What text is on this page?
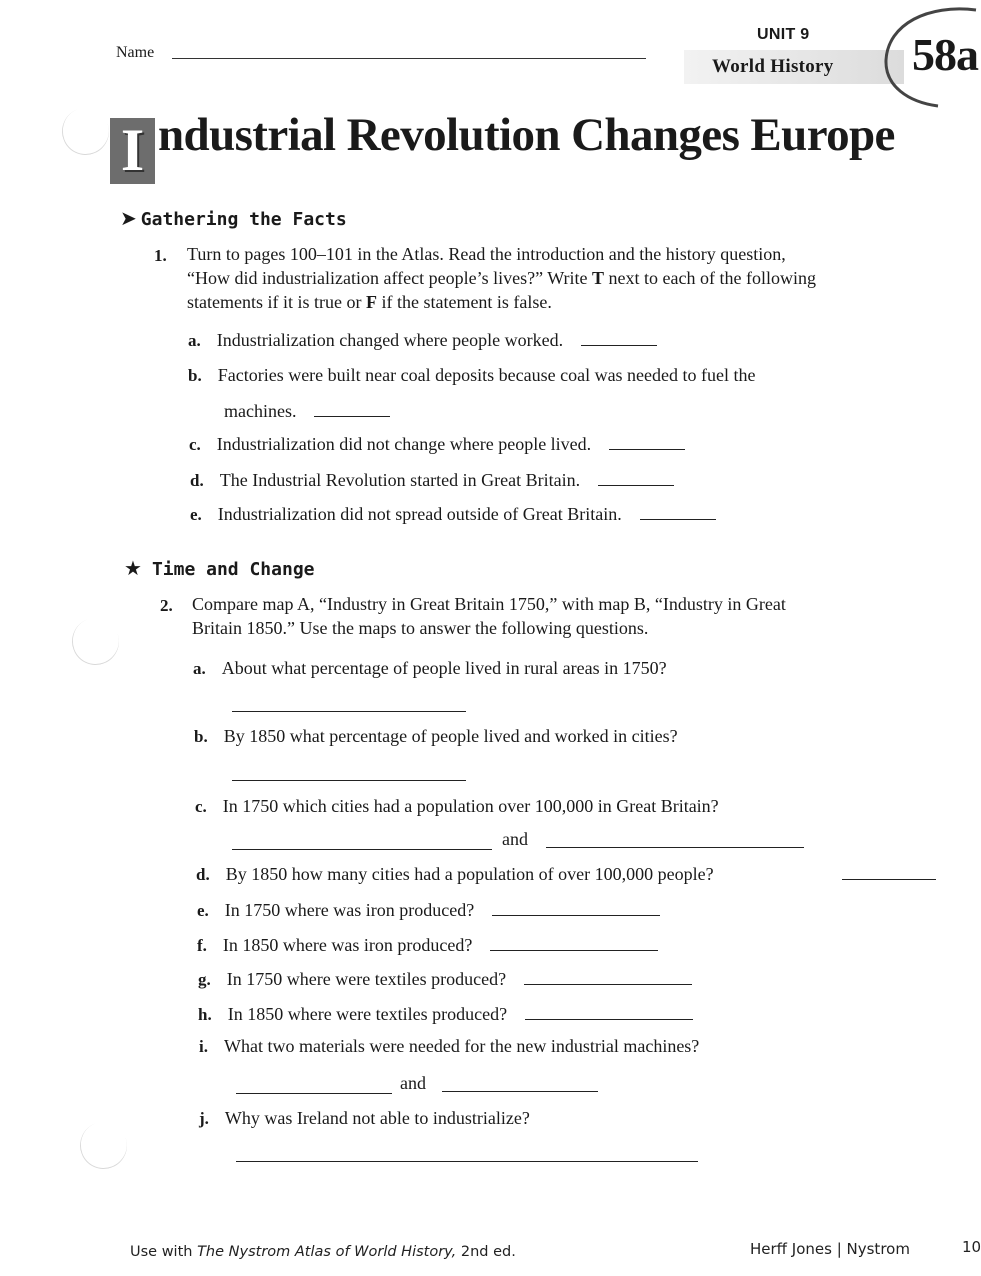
Name
UNIT 9
World History 58a
I ndustrial Revolution Changes Europe
➤ Gathering the Facts
1. Turn to pages 100–101 in the Atlas. Read the introduction and the history question,
“How did industrialization affect people’s lives?” Write T next to each of the following
statements if it is true or F if the statement is false.
a. Industrialization changed where people worked.
b. Factories were built near coal deposits because coal was needed to fuel the
machines.
c. Industrialization did not change where people lived.
d. The Industrial Revolution started in Great Britain.
e. Industrialization did not spread outside of Great Britain.
★ Time and Change
2. Compare map A, “Industry in Great Britain 1750,” with map B, “Industry in Great
Britain 1850.” Use the maps to answer the following questions.
a. About what percentage of people lived in rural areas in 1750?
b. By 1850 what percentage of people lived and worked in cities?
c. In 1750 which cities had a population over 100,000 in Great Britain?
and
d. By 1850 how many cities had a population of over 100,000 people?
e. In 1750 where was iron produced?
f. In 1850 where was iron produced?
g. In 1750 where were textiles produced?
h. In 1850 where were textiles produced?
i. What two materials were needed for the new industrial machines?
and
j. Why was Ireland not able to industrialize?
Use with The Nystrom Atlas of World History, 2nd ed.	Herff Jones | Nystrom	10
